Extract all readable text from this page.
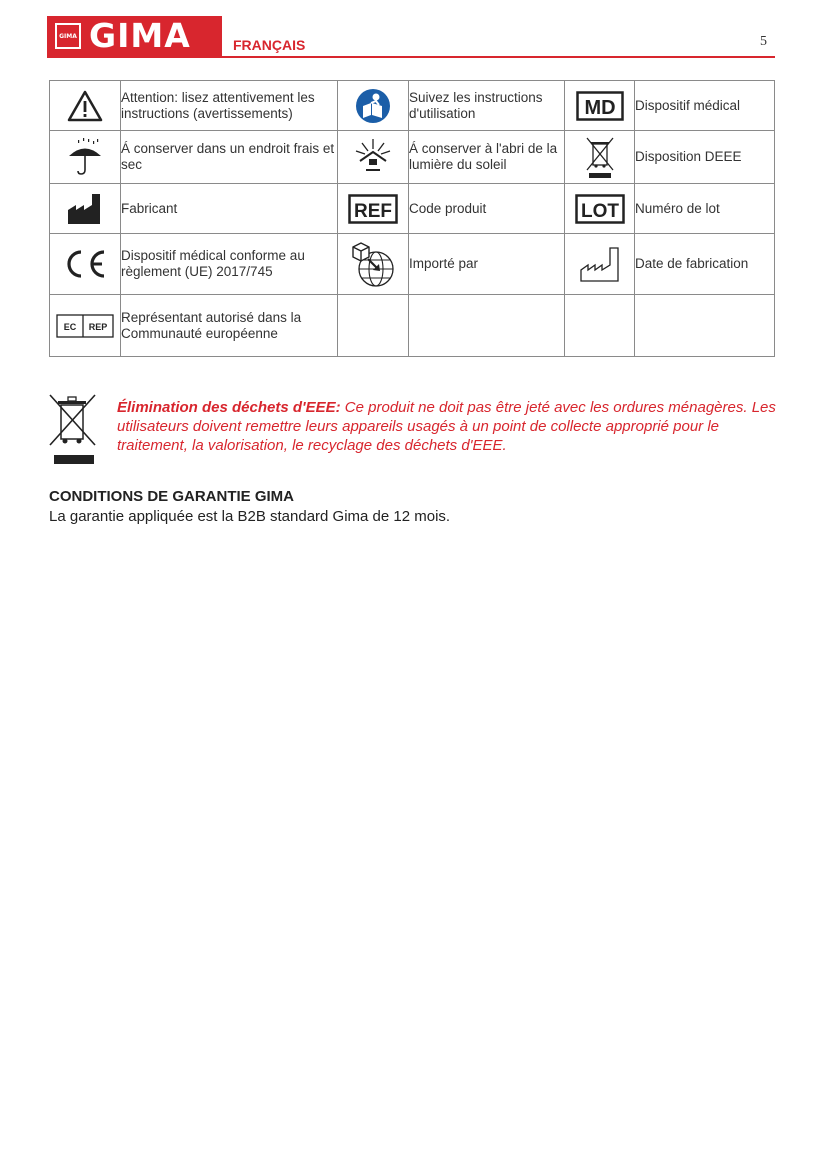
GIMA GIMA	FRANÇAIS	5
	Attention: lisez attentivement les instructions (avertissements)		Suivez les instructions d'utilisation	MD	Dispositif médical

	Á conserver dans un endroit frais et sec		Á conserver à l'abri de la lumière du soleil		Disposition DEEE

	Fabricant	REF	Code produit	LOT	Numéro de lot

CE	Dispositif médical conforme au règlement (UE) 2017/745		Importé par		Date de fabrication

EC REP	Représentant autorisé dans la Communauté européenne				
Élimination des déchets d'EEE: Ce produit ne doit pas être jeté avec les ordures ménagères. Les utilisateurs doivent remettre leurs appareils usagés à un point de collecte approprié pour le traitement, la valorisation, le recyclage des déchets d'EEE.
CONDITIONS DE GARANTIE GIMA
La garantie appliquée est la B2B standard Gima de 12 mois.
